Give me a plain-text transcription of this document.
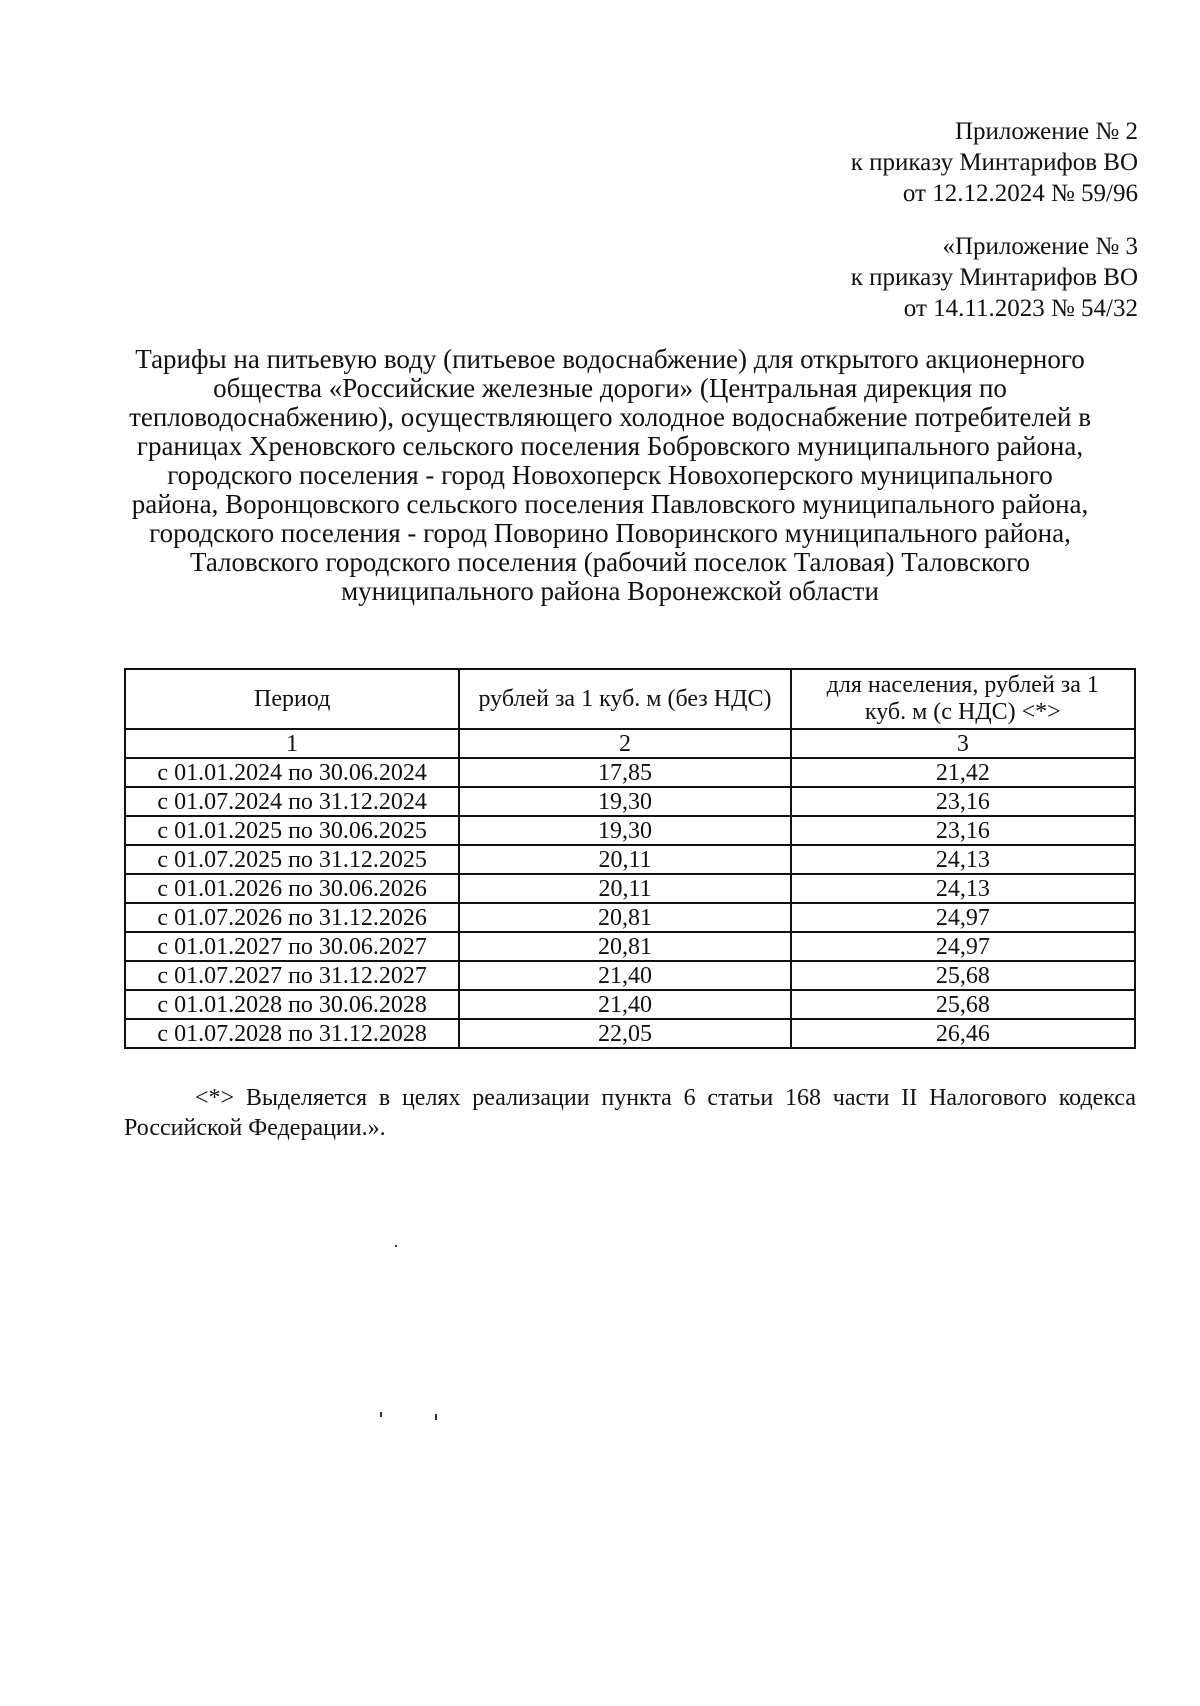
Приложение № 2
к приказу Минтарифов ВО
от 12.12.2024 № 59/96
«Приложение № 3
к приказу Минтарифов ВО
от 14.11.2023 № 54/32
Тарифы на питьевую воду (питьевое водоснабжение) для открытого акционерного
общества «Российские железные дороги» (Центральная дирекция по
тепловодоснабжению), осуществляющего холодное водоснабжение потребителей в
границах Хреновского сельского поселения Бобровского муниципального района,
городского поселения - город Новохоперск Новохоперского муниципального
района, Воронцовского сельского поселения Павловского муниципального района,
городского поселения - город Поворино Поворинского муниципального района,
Таловского городского поселения (рабочий поселок Таловая) Таловского
муниципального района Воронежской области
Период	рублей за 1 куб. м (без НДС)	для населения, рублей за 1
куб. м (с НДС) <*>

1	2	3
с 01.01.2024 по 30.06.2024	17,85	21,42
с 01.07.2024 по 31.12.2024	19,30	23,16
с 01.01.2025 по 30.06.2025	19,30	23,16
с 01.07.2025 по 31.12.2025	20,11	24,13
с 01.01.2026 по 30.06.2026	20,11	24,13
с 01.07.2026 по 31.12.2026	20,81	24,97
с 01.01.2027 по 30.06.2027	20,81	24,97
с 01.07.2027 по 31.12.2027	21,40	25,68
с 01.01.2028 по 30.06.2028	21,40	25,68
с 01.07.2028 по 31.12.2028	22,05	26,46
<*> Выделяется в целях реализации пункта 6 статьи 168 части II Налогового кодекса
Российской Федерации.».
